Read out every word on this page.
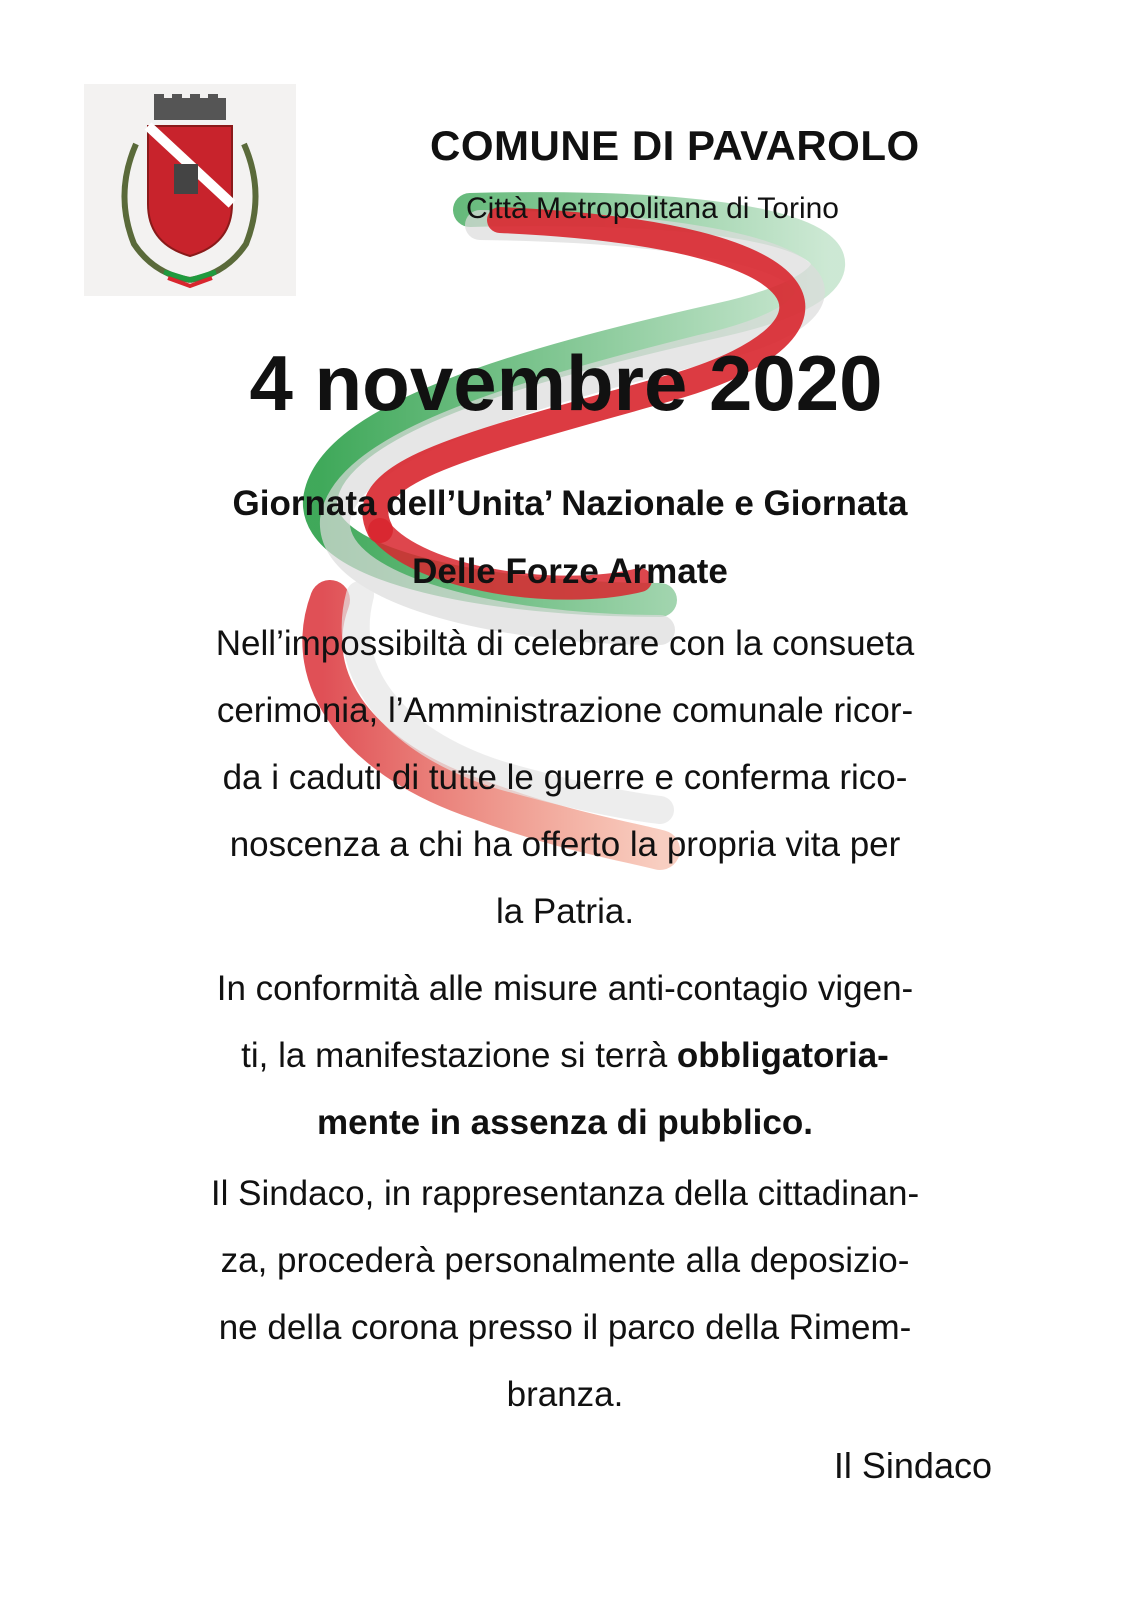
COMUNE DI PAVAROLO
Città Metropolitana di Torino
4 novembre 2020
Giornata dell’Unita’ Nazionale e Giornata
Delle Forze Armate
Nell’impossibiltà di celebrare con la consueta
cerimonia, l’Amministrazione comunale ricor-
da i caduti di tutte le guerre e conferma rico-
noscenza a chi ha offerto la propria vita per
la Patria.
In conformità alle misure anti-contagio vigen-
ti, la manifestazione si terrà obbligatoria-
mente in assenza di pubblico.
Il Sindaco, in rappresentanza della cittadinan-
za, procederà personalmente alla deposizio-
ne della corona presso il parco della Rimem-
branza.
Il Sindaco
